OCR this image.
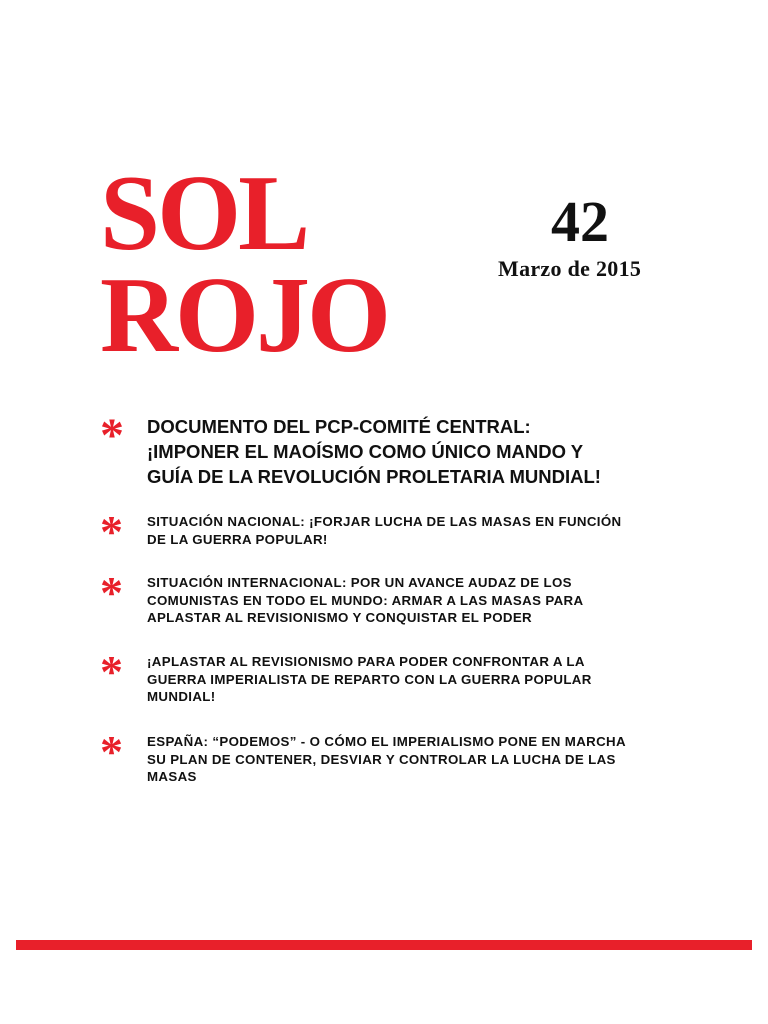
SOL
ROJO
42
Marzo de 2015
* DOCUMENTO DEL PCP-COMITÉ CENTRAL:
¡IMPONER EL MAOÍSMO COMO ÚNICO MANDO Y
GUÍA DE LA REVOLUCIÓN PROLETARIA MUNDIAL!
* SITUACIÓN NACIONAL: ¡FORJAR LUCHA DE LAS MASAS EN FUNCIÓN
DE LA GUERRA POPULAR!
* SITUACIÓN INTERNACIONAL: POR UN AVANCE AUDAZ DE LOS
COMUNISTAS EN TODO EL MUNDO: ARMAR A LAS MASAS PARA
APLASTAR AL REVISIONISMO Y CONQUISTAR EL PODER
* ¡APLASTAR AL REVISIONISMO PARA PODER CONFRONTAR A LA
GUERRA IMPERIALISTA DE REPARTO CON LA GUERRA POPULAR
MUNDIAL!
* ESPAÑA: “PODEMOS” - O CÓMO EL IMPERIALISMO PONE EN MARCHA
SU PLAN DE CONTENER, DESVIAR Y CONTROLAR LA LUCHA DE LAS
MASAS
